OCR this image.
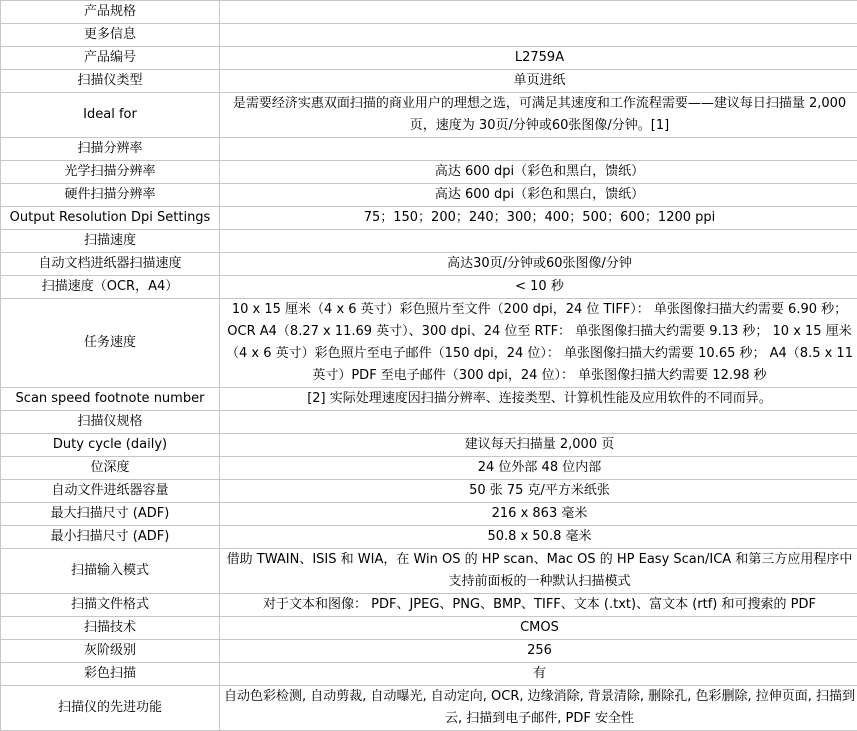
产品规格	
更多信息	
产品编号	L2759A
扫描仪类型	单页进纸
Ideal for	是需要经济实惠双面扫描的商业用户的理想之选，可满足其速度和工作流程需要——建议每日扫描量 2,000 页，速度为 30页/分钟或60张图像/分钟。[1]
扫描分辨率	
光学扫描分辨率	高达 600 dpi（彩色和黑白，馈纸）
硬件扫描分辨率	高达 600 dpi（彩色和黑白，馈纸）
Output Resolution Dpi Settings	75；150；200；240；300；400；500；600；1200 ppi
扫描速度	
自动文档进纸器扫描速度	高达30页/分钟或60张图像/分钟
扫描速度（OCR，A4）	< 10 秒
任务速度	10 x 15 厘米（4 x 6 英寸）彩色照片至文件（200 dpi，24 位 TIFF）： 单张图像扫描大约需要 6.90 秒； OCR A4（8.27 x 11.69 英寸）、300 dpi、24 位至 RTF： 单张图像扫描大约需要 9.13 秒； 10 x 15 厘米（4 x 6 英寸）彩色照片至电子邮件（150 dpi，24 位）： 单张图像扫描大约需要 10.65 秒； A4（8.5 x 11 英寸）PDF 至电子邮件（300 dpi，24 位）： 单张图像扫描大约需要 12.98 秒
Scan speed footnote number	[2] 实际处理速度因扫描分辨率、连接类型、计算机性能及应用软件的不同而异。
扫描仪规格	
Duty cycle (daily)	建议每天扫描量 2,000 页
位深度	24 位外部 48 位内部
自动文件进纸器容量	50 张 75 克/平方米纸张
最大扫描尺寸 (ADF)	216 x 863 毫米
最小扫描尺寸 (ADF)	50.8 x 50.8 毫米
扫描输入模式	借助 TWAIN、ISIS 和 WIA，在 Win OS 的 HP scan、Mac OS 的 HP Easy Scan/ICA 和第三方应用程序中支持前面板的一种默认扫描模式
扫描文件格式	对于文本和图像： PDF、JPEG、PNG、BMP、TIFF、文本 (.txt)、富文本 (rtf) 和可搜索的 PDF
扫描技术	CMOS
灰阶级别	256
彩色扫描	有
扫描仪的先进功能	自动色彩检测, 自动剪裁, 自动曝光, 自动定向, OCR, 边缘消除, 背景清除, 删除孔, 色彩删除, 拉伸页面, 扫描到云, 扫描到电子邮件, PDF 安全性
